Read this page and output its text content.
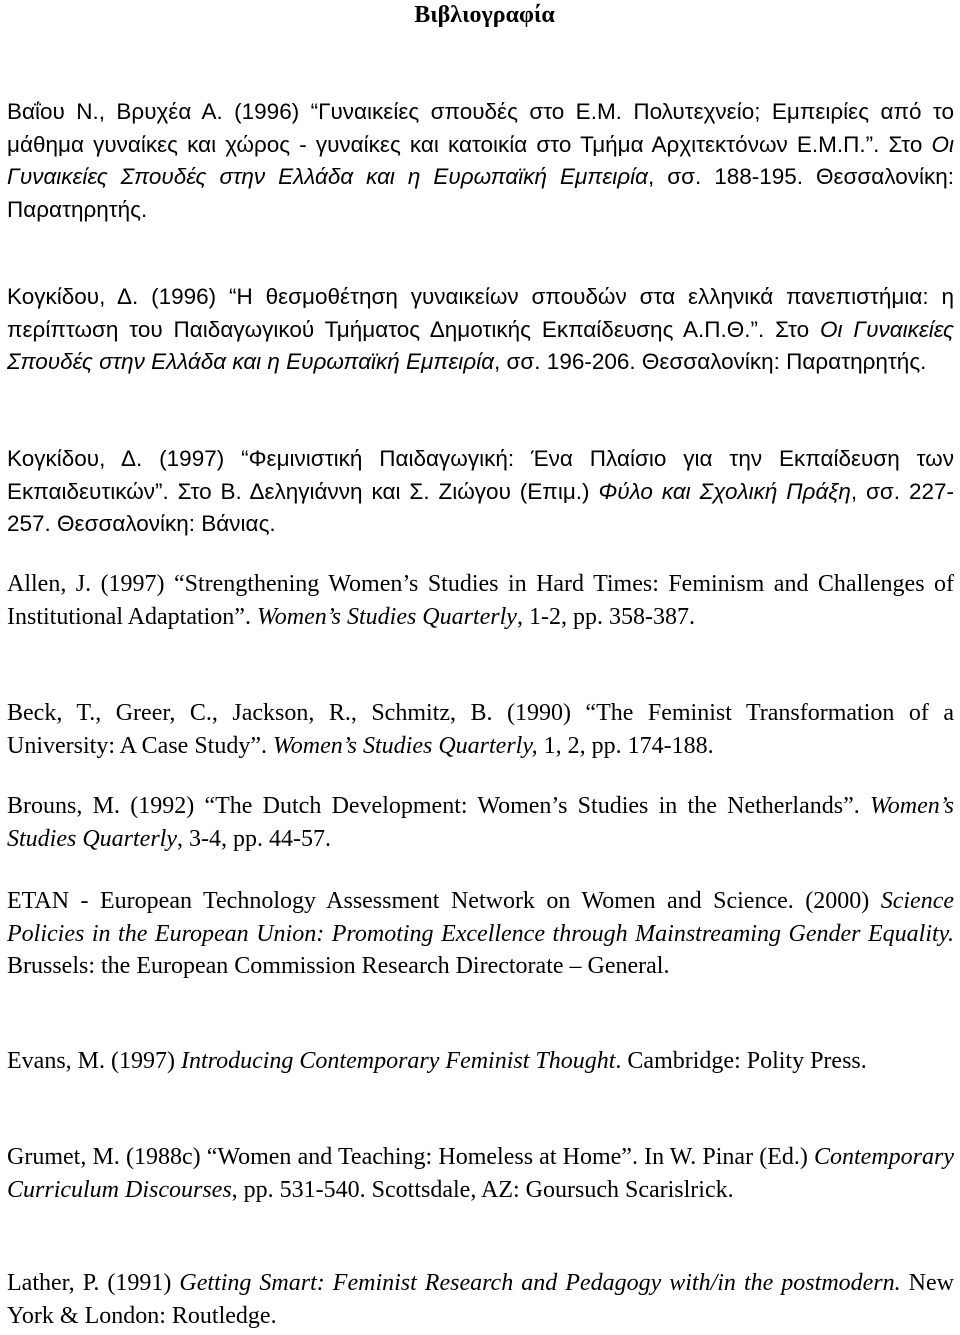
Βιβλιογραφία

Βαΐου Ν., Βρυχέα Α. (1996) “Γυναικείες σπουδές στο Ε.Μ. Πολυτεχνείο; Εμπειρίες από το μάθημα γυναίκες και χώρος - γυναίκες και κατοικία στο Τμήμα Αρχιτεκτόνων Ε.Μ.Π.”. Στο Οι Γυναικείες Σπουδές στην Ελλάδα και η Ευρωπαϊκή Εμπειρία, σσ. 188-195. Θεσσαλονίκη: Παρατηρητής.

Κογκίδου, Δ. (1996) “Η θεσμοθέτηση γυναικείων σπουδών στα ελληνικά πανεπιστήμια: η περίπτωση του Παιδαγωγικού Τμήματος Δημοτικής Εκπαίδευσης Α.Π.Θ.”. Στο Οι Γυναικείες Σπουδές στην Ελλάδα και η Ευρωπαϊκή Εμπειρία, σσ. 196-206. Θεσσαλονίκη: Παρατηρητής.

Κογκίδου, Δ. (1997) “Φεμινιστική Παιδαγωγική: Ένα Πλαίσιο για την Εκπαίδευση των Εκπαιδευτικών”. Στο Β. Δεληγιάννη και Σ. Ζιώγου (Επιμ.) Φύλο και Σχολική Πράξη, σσ. 227-257. Θεσσαλονίκη: Βάνιας.

Allen, J. (1997) “Strengthening Women’s Studies in Hard Times: Feminism and Challenges of Institutional Adaptation”. Women’s Studies Quarterly, 1-2, pp. 358-387.

Beck, T., Greer, C., Jackson, R., Schmitz, B. (1990) “The Feminist Transformation of a University: A Case Study”. Women’s Studies Quarterly, 1, 2, pp. 174-188.

Brouns, M. (1992) “The Dutch Development: Women’s Studies in the Netherlands”. Women’s Studies Quarterly, 3-4, pp. 44-57.

ETAN - European Technology Assessment Network on Women and Science. (2000) Science Policies in the European Union: Promoting Excellence through Mainstreaming Gender Equality. Brussels: the European Commission Research Directorate – General.

Evans, M. (1997) Introducing Contemporary Feminist Thought. Cambridge: Polity Press.

Grumet, M. (1988c) “Women and Teaching: Homeless at Home”. In W. Pinar (Ed.) Contemporary Curriculum Discourses, pp. 531-540. Scottsdale, AZ: Goursuch Scarislrick.

Lather, P. (1991) Getting Smart: Feminist Research and Pedagogy with/in the postmodern. New York & London: Routledge.
